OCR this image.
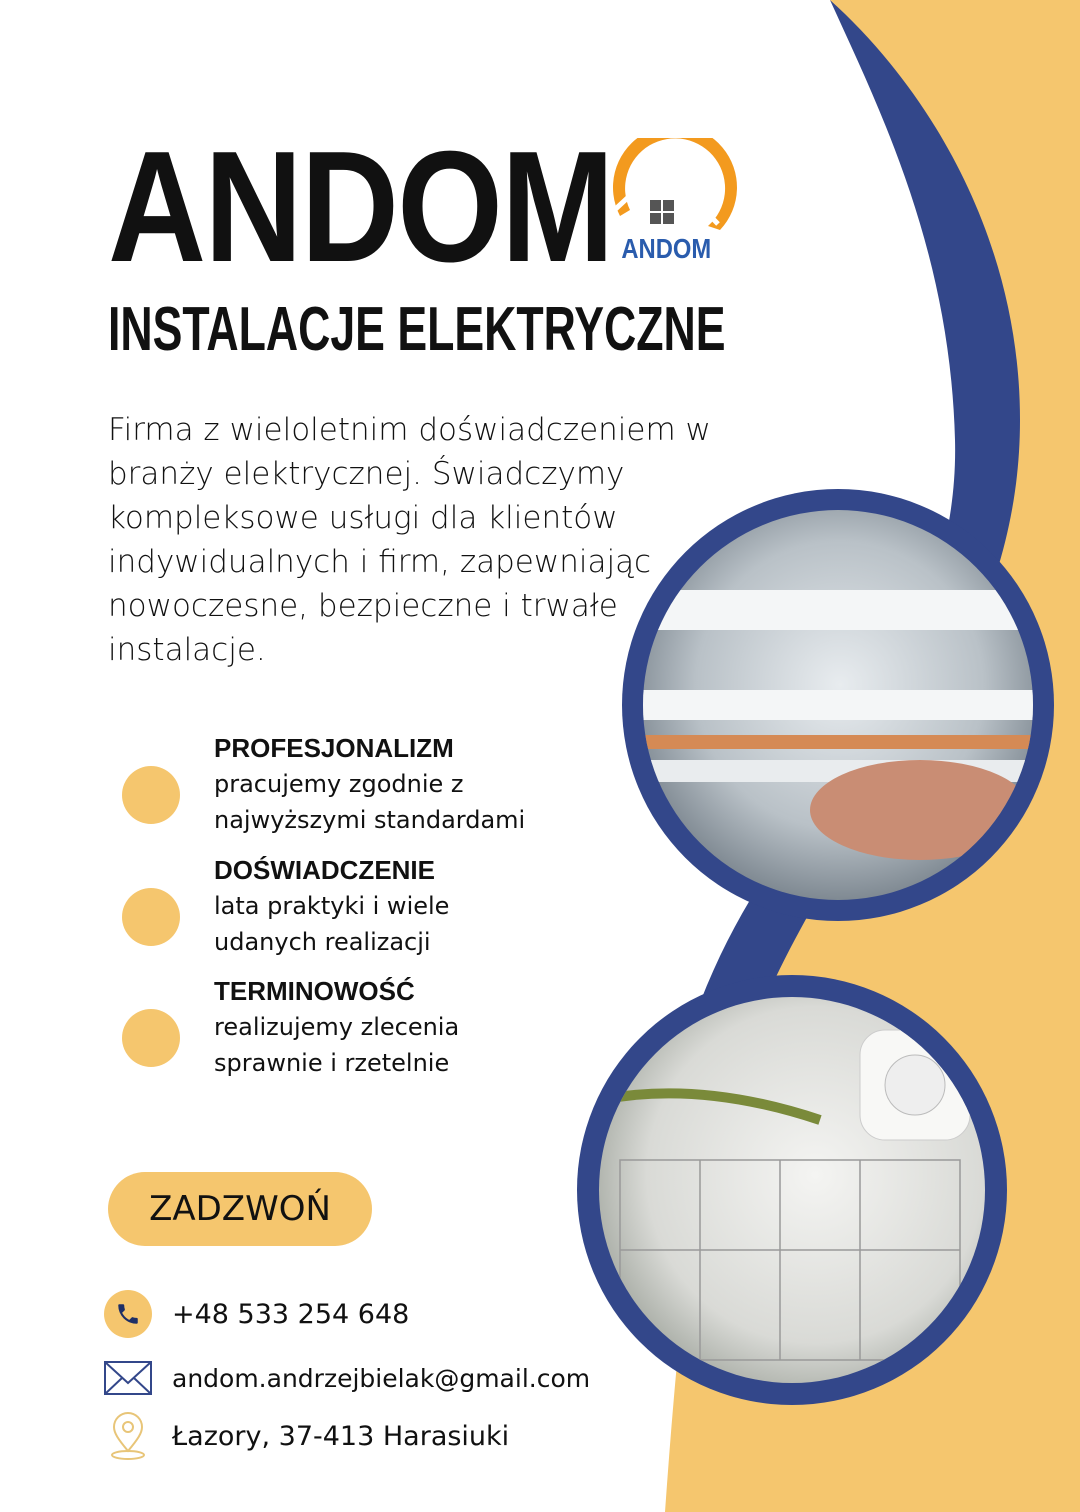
ANDOM ANDOM
INSTALACJE ELEKTRYCZNE

Firma z wieloletnim doświadczeniem w branży elektrycznej. Świadczymy kompleksowe usługi dla klientów indywidualnych i firm, zapewniając nowoczesne, bezpieczne i trwałe instalacje.

PROFESJONALIZM
pracujemy zgodnie z
najwyższymi standardami
DOŚWIADCZENIE
lata praktyki i wiele
udanych realizacji
TERMINOWOŚĆ
realizujemy zlecenia
sprawnie i rzetelnie
ZADZWOŃ
+48 533 254 648
andom.andrzejbielak@gmail.com
Łazory, 37-413 Harasiuki
